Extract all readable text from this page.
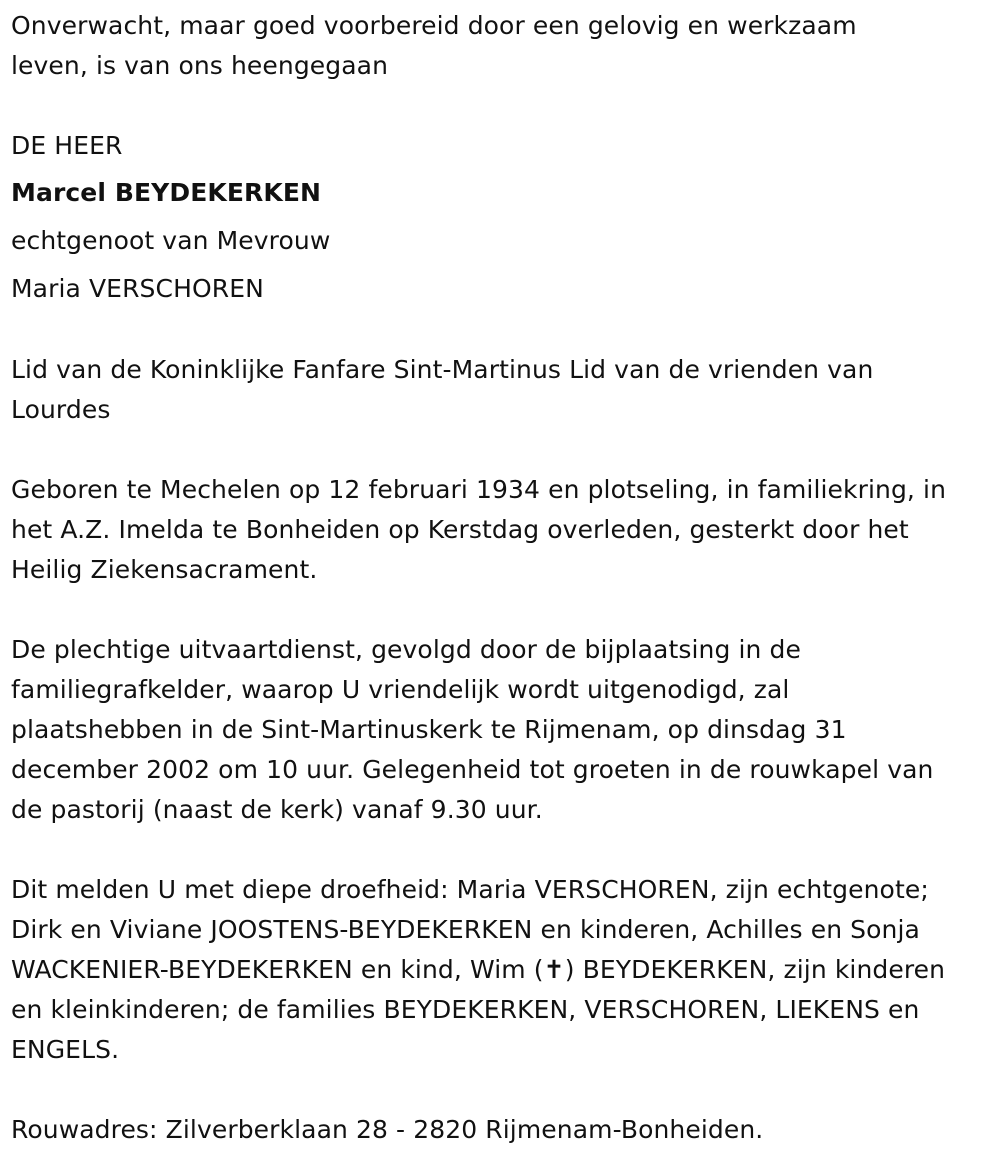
Onverwacht, maar goed voorbereid door een gelovig en werkzaam
leven, is van ons heengegaan
DE HEER
Marcel BEYDEKERKEN
echtgenoot van Mevrouw
Maria VERSCHOREN
Lid van de Koninklijke Fanfare Sint-Martinus Lid van de vrienden van
Lourdes
Geboren te Mechelen op 12 februari 1934 en plotseling, in familiekring, in
het A.Z. Imelda te Bonheiden op Kerstdag overleden, gesterkt door het
Heilig Ziekensacrament.
De plechtige uitvaartdienst, gevolgd door de bijplaatsing in de
familiegrafkelder, waarop U vriendelijk wordt uitgenodigd, zal
plaatshebben in de Sint-Martinuskerk te Rijmenam, op dinsdag 31
december 2002 om 10 uur. Gelegenheid tot groeten in de rouwkapel van
de pastorij (naast de kerk) vanaf 9.30 uur.
Dit melden U met diepe droefheid: Maria VERSCHOREN, zijn echtgenote;
Dirk en Viviane JOOSTENS-BEYDEKERKEN en kinderen, Achilles en Sonja
WACKENIER-BEYDEKERKEN en kind, Wim (✝) BEYDEKERKEN, zijn kinderen
en kleinkinderen; de families BEYDEKERKEN, VERSCHOREN, LIEKENS en
ENGELS.
Rouwadres: Zilverberklaan 28 - 2820 Rijmenam-Bonheiden.
